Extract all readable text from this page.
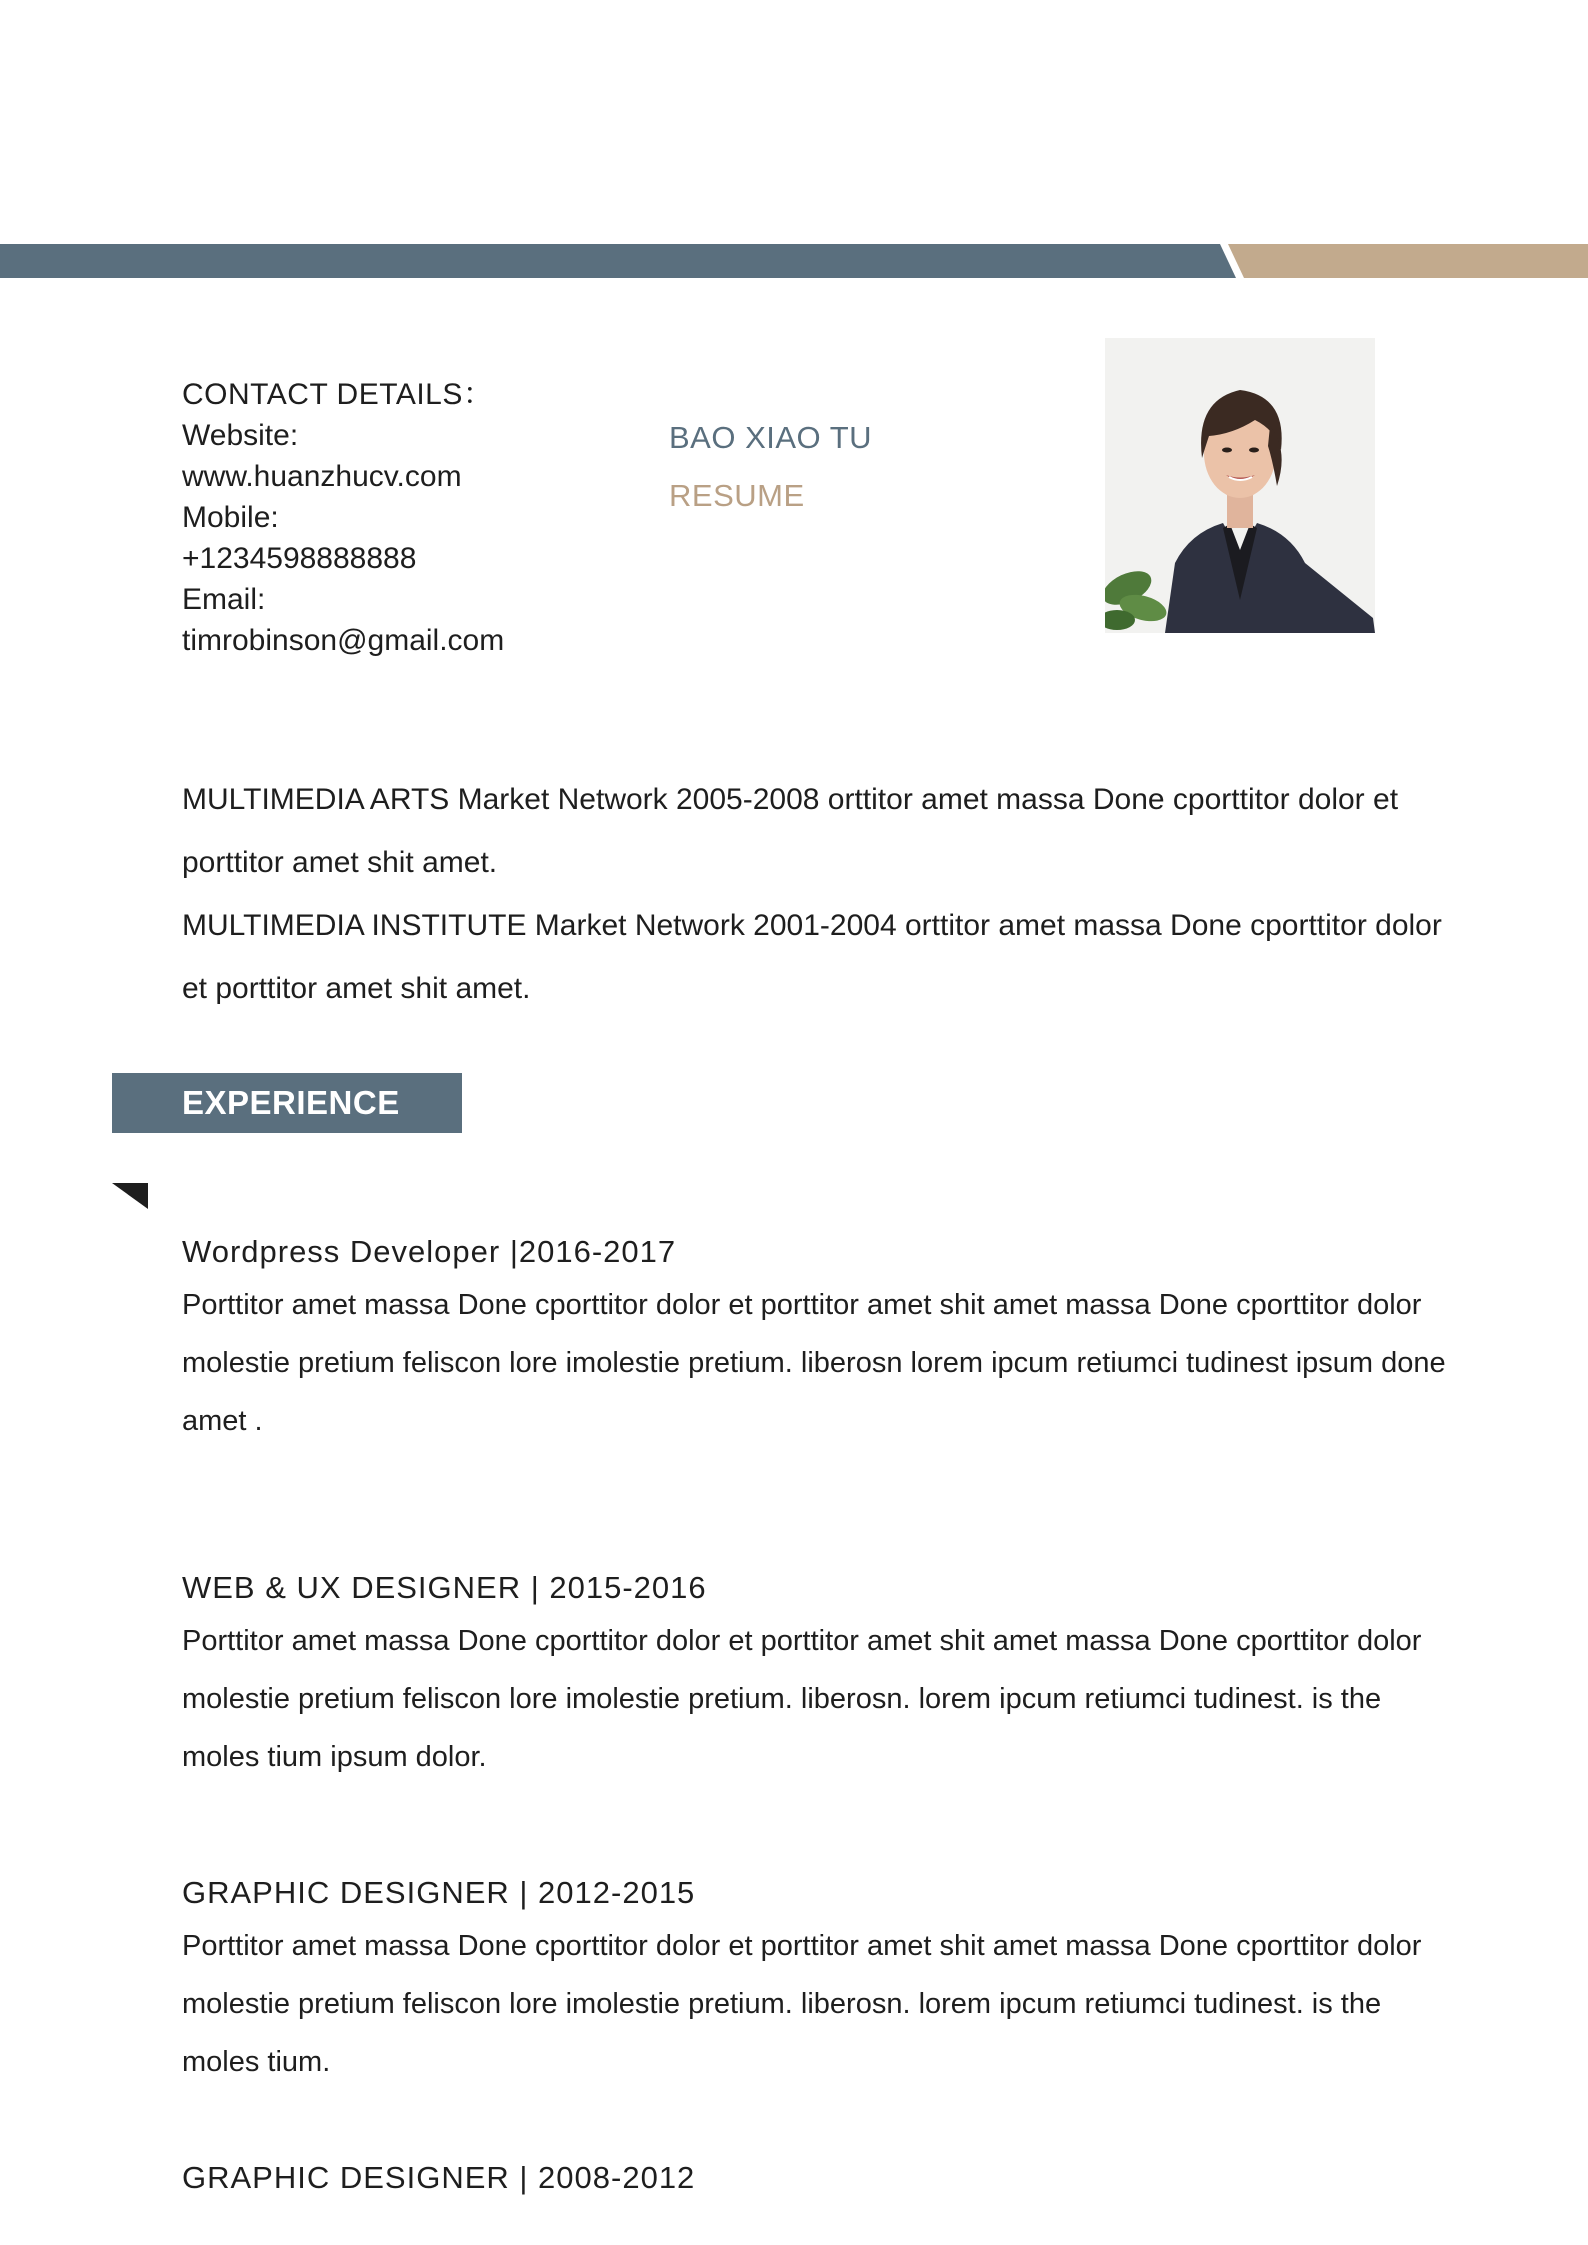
CONTACT DETAILS：
Website:
www.huanzhucv.com
Mobile:
+1234598888888
Email:
timrobinson@gmail.com
BAO XIAO TU
RESUME

MULTIMEDIA ARTS Market Network 2005-2008 orttitor amet massa Done cporttitor dolor et porttitor amet shit amet.

MULTIMEDIA INSTITUTE Market Network 2001-2004 orttitor amet massa Done cporttitor dolor et porttitor amet shit amet.

EXPERIENCE
Wordpress Developer |2016-2017
Porttitor amet massa Done cporttitor dolor et porttitor amet shit amet massa Done cporttitor dolor molestie pretium feliscon lore imolestie pretium. liberosn lorem ipcum retiumci tudinest ipsum done amet .
WEB & UX DESIGNER | 2015-2016
Porttitor amet massa Done cporttitor dolor et porttitor amet shit amet massa Done cporttitor dolor molestie pretium feliscon lore imolestie pretium. liberosn. lorem ipcum retiumci tudinest. is the moles tium ipsum dolor.
GRAPHIC DESIGNER | 2012-2015
Porttitor amet massa Done cporttitor dolor et porttitor amet shit amet massa Done cporttitor dolor molestie pretium feliscon lore imolestie pretium. liberosn. lorem ipcum retiumci tudinest. is the moles tium.
GRAPHIC DESIGNER | 2008-2012
